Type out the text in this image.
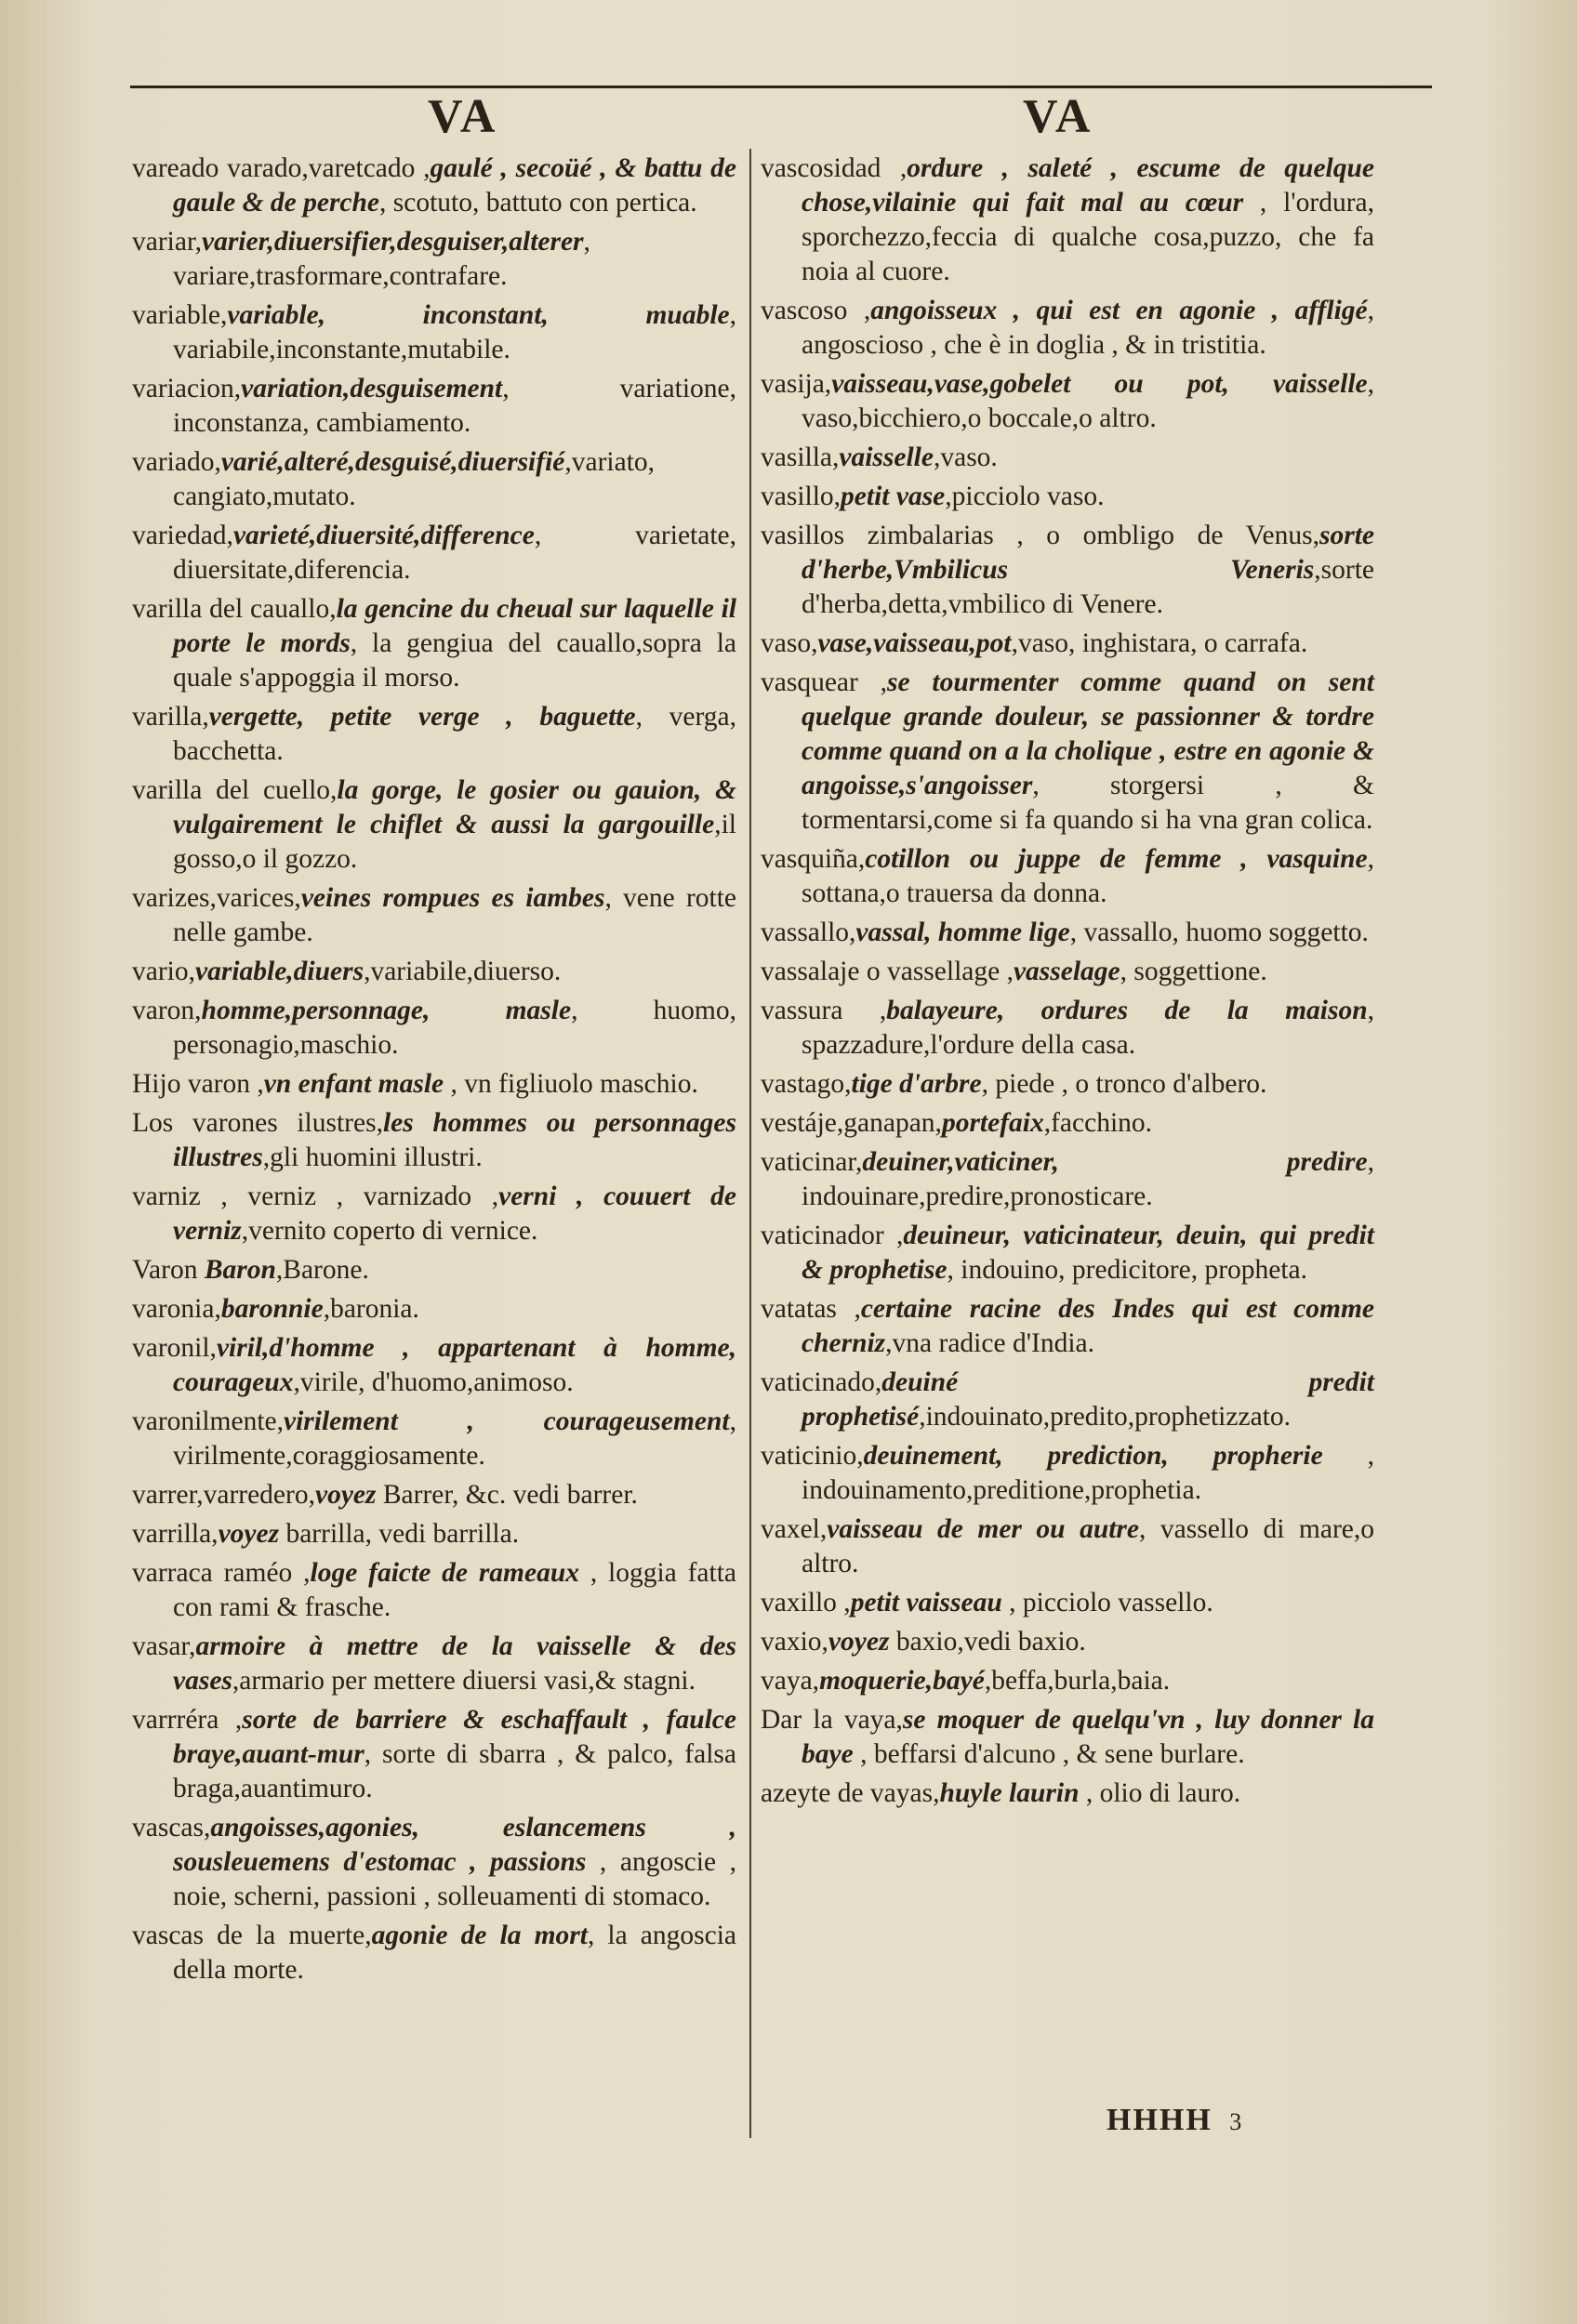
VA	VA

vareado varado,varetcado ,gaulé , secoüé , & battu de gaule & de perche, scotuto, battuto con pertica.

variar,varier,diuersifier,desguiser,alterer, variare,trasformare,contrafare.

variable,variable, inconstant, muable, variabile,inconstante,mutabile.

variacion,variation,desguisement, variatione, inconstanza, cambiamento.

variado,varié,alteré,desguisé,diuersifié,variato, cangiato,mutato.

variedad,varieté,diuersité,difference, varietate, diuersitate,diferencia.

varilla del cauallo,la gencine du cheual sur laquelle il porte le mords, la gengiua del cauallo,sopra la quale s'appoggia il morso.

varilla,vergette, petite verge , baguette, verga, bacchetta.

varilla del cuello,la gorge, le gosier ou gauion, & vulgairement le chiflet & aussi la gargouille,il gosso,o il gozzo.

varizes,varices,veines rompues es iambes, vene rotte nelle gambe.

vario,variable,diuers,variabile,diuerso.

varon,homme,personnage, masle, huomo, personagio,maschio.

Hijo varon ,vn enfant masle , vn figliuolo maschio.

Los varones ilustres,les hommes ou personnages illustres,gli huomini illustri.

varniz , verniz , varnizado ,verni , couuert de verniz,vernito coperto di vernice.

Varon Baron,Barone.

varonia,baronnie,baronia.

varonil,viril,d'homme , appartenant à homme, courageux,virile, d'huomo,animoso.

varonilmente,virilement , courageusement, virilmente,coraggiosamente.

varrer,varredero,voyez Barrer, &c. vedi barrer.

varrilla,voyez barrilla, vedi barrilla.

varraca raméo ,loge faicte de rameaux , loggia fatta con rami & frasche.

vasar,armoire à mettre de la vaisselle & des vases,armario per mettere diuersi vasi,& stagni.

varrréra ,sorte de barriere & eschaffault , faulce braye,auant-mur, sorte di sbarra , & palco, falsa braga,auantimuro.

vascas,angoisses,agonies, eslancemens , sousleuemens d'estomac , passions , angoscie , noie, scherni, passioni , solleuamenti di stomaco.

vascas de la muerte,agonie de la mort, la angoscia della morte.

vascosidad ,ordure , saleté , escume de quelque chose,vilainie qui fait mal au cœur , l'ordura, sporchezzo,feccia di qualche cosa,puzzo, che fa noia al cuore.

vascoso ,angoisseux , qui est en agonie , affligé, angoscioso , che è in doglia , & in tristitia.

vasija,vaisseau,vase,gobelet ou pot, vaisselle, vaso,bicchiero,o boccale,o altro.

vasilla,vaisselle,vaso.

vasillo,petit vase,picciolo vaso.

vasillos zimbalarias , o ombligo de Venus,sorte d'herbe,Vmbilicus Veneris,sorte d'herba,detta,vmbilico di Venere.

vaso,vase,vaisseau,pot,vaso, inghistara, o carrafa.

vasquear ,se tourmenter comme quand on sent quelque grande douleur, se passionner & tordre comme quand on a la cholique , estre en agonie & angoisse,s'angoisser, storgersi , & tormentarsi,come si fa quando si ha vna gran colica.

vasquiña,cotillon ou juppe de femme , vasquine, sottana,o trauersa da donna.

vassallo,vassal, homme lige, vassallo, huomo soggetto.

vassalaje o vassellage ,vasselage, soggettione.

vassura ,balayeure, ordures de la maison, spazzadure,l'ordure della casa.

vastago,tige d'arbre, piede , o tronco d'albero.

vestáje,ganapan,portefaix,facchino.

vaticinar,deuiner,vaticiner, predire, indouinare,predire,pronosticare.

vaticinador ,deuineur, vaticinateur, deuin, qui predit & prophetise, indouino, predicitore, propheta.

vatatas ,certaine racine des Indes qui est comme cherniz,vna radice d'India.

vaticinado,deuiné predit prophetisé,indouinato,predito,prophetizzato.

vaticinio,deuinement, prediction, propherie , indouinamento,preditione,prophetia.

vaxel,vaisseau de mer ou autre, vassello di mare,o altro.

vaxillo ,petit vaisseau , picciolo vassello.

vaxio,voyez baxio,vedi baxio.

vaya,moquerie,bayé,beffa,burla,baia.

Dar la vaya,se moquer de quelqu'vn , luy donner la baye , beffarsi d'alcuno , & sene burlare.

azeyte de vayas,huyle laurin , olio di lauro.

HHHH 3
